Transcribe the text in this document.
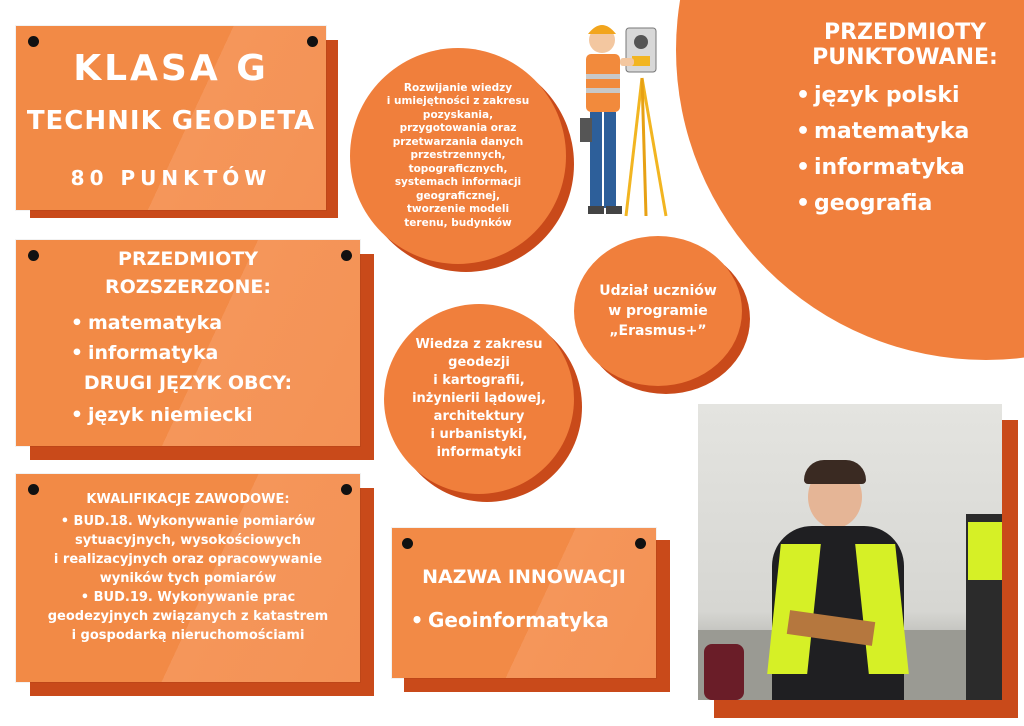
PRZEDMIOTY
PUNKTOWANE:
• język polski
• matematyka
• informatyka
• geografia
KLASA G
TECHNIK GEODETA
80 PUNKTÓW
PRZEDMIOTY
ROZSZERZONE:
• matematyka
• informatyka
DRUGI JĘZYK OBCY:
• język niemiecki
KWALIFIKACJE ZAWODOWE:
• BUD.18. Wykonywanie pomiarów
sytuacyjnych, wysokościowych
i realizacyjnych oraz opracowywanie
wyników tych pomiarów
• BUD.19. Wykonywanie prac
geodezyjnych związanych z katastrem
i gospodarką nieruchomościami
Rozwijanie wiedzy
i umiejętności z zakresu
pozyskania,
przygotowania oraz
przetwarzania danych
przestrzennych,
topograficznych,
systemach informacji
geograficznej,
tworzenie modeli
terenu, budynków
Udział uczniów
w programie
„Erasmus+”
Wiedza z zakresu
geodezji
i kartografii,
inżynierii lądowej,
architektury
i urbanistyki,
informatyki
NAZWA INNOWACJI
• Geoinformatyka
